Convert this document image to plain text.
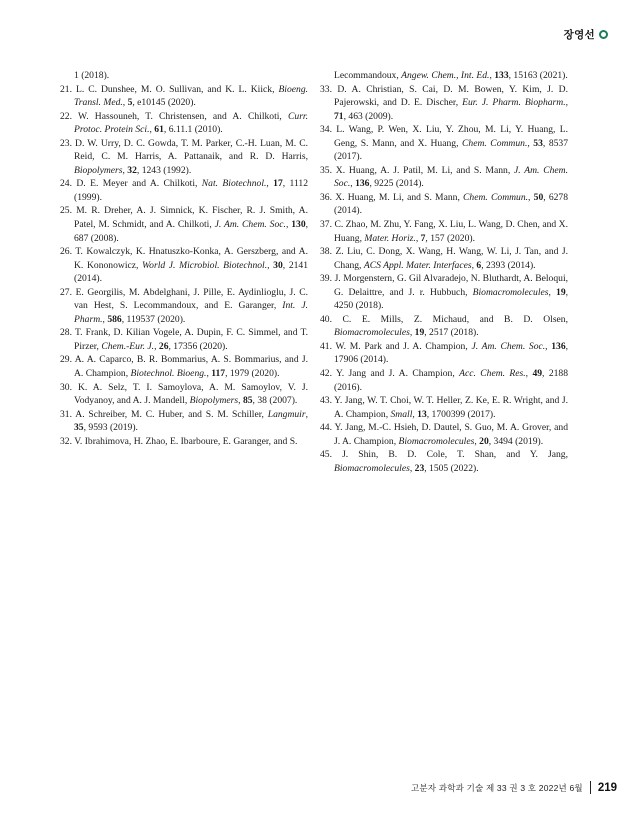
장영선

1 (2018).

21. L. C. Dunshee, M. O. Sullivan, and K. L. Kiick, Bioeng. Transl. Med., 5, e10145 (2020).

22. W. Hassouneh, T. Christensen, and A. Chilkoti, Curr. Protoc. Protein Sci., 61, 6.11.1 (2010).

23. D. W. Urry, D. C. Gowda, T. M. Parker, C.-H. Luan, M. C. Reid, C. M. Harris, A. Pattanaik, and R. D. Harris, Biopolymers, 32, 1243 (1992).

24. D. E. Meyer and A. Chilkoti, Nat. Biotechnol., 17, 1112 (1999).

25. M. R. Dreher, A. J. Simnick, K. Fischer, R. J. Smith, A. Patel, M. Schmidt, and A. Chilkoti, J. Am. Chem. Soc., 130, 687 (2008).

26. T. Kowalczyk, K. Hnatuszko-Konka, A. Gerszberg, and A. K. Kononowicz, World J. Microbiol. Biotechnol., 30, 2141 (2014).

27. E. Georgilis, M. Abdelghani, J. Pille, E. Aydinlioglu, J. C. van Hest, S. Lecommandoux, and E. Garanger, Int. J. Pharm., 586, 119537 (2020).

28. T. Frank, D. Kilian Vogele, A. Dupin, F. C. Simmel, and T. Pirzer, Chem.-Eur. J., 26, 17356 (2020).

29. A. A. Caparco, B. R. Bommarius, A. S. Bommarius, and J. A. Champion, Biotechnol. Bioeng., 117, 1979 (2020).

30. K. A. Selz, T. I. Samoylova, A. M. Samoylov, V. J. Vodyanoy, and A. J. Mandell, Biopolymers, 85, 38 (2007).

31. A. Schreiber, M. C. Huber, and S. M. Schiller, Langmuir, 35, 9593 (2019).

32. V. Ibrahimova, H. Zhao, E. Ibarboure, E. Garanger, and S.

Lecommandoux, Angew. Chem., Int. Ed., 133, 15163 (2021).

33. D. A. Christian, S. Cai, D. M. Bowen, Y. Kim, J. D. Pajerowski, and D. E. Discher, Eur. J. Pharm. Biopharm., 71, 463 (2009).

34. L. Wang, P. Wen, X. Liu, Y. Zhou, M. Li, Y. Huang, L. Geng, S. Mann, and X. Huang, Chem. Commun., 53, 8537 (2017).

35. X. Huang, A. J. Patil, M. Li, and S. Mann, J. Am. Chem. Soc., 136, 9225 (2014).

36. X. Huang, M. Li, and S. Mann, Chem. Commun., 50, 6278 (2014).

37. C. Zhao, M. Zhu, Y. Fang, X. Liu, L. Wang, D. Chen, and X. Huang, Mater. Horiz., 7, 157 (2020).

38. Z. Liu, C. Dong, X. Wang, H. Wang, W. Li, J. Tan, and J. Chang, ACS Appl. Mater. Interfaces, 6, 2393 (2014).

39. J. Morgenstern, G. Gil Alvaradejo, N. Bluthardt, A. Beloqui, G. Delaittre, and J. r. Hubbuch, Biomacromolecules, 19, 4250 (2018).

40. C. E. Mills, Z. Michaud, and B. D. Olsen, Biomacromolecules, 19, 2517 (2018).

41. W. M. Park and J. A. Champion, J. Am. Chem. Soc., 136, 17906 (2014).

42. Y. Jang and J. A. Champion, Acc. Chem. Res., 49, 2188 (2016).

43. Y. Jang, W. T. Choi, W. T. Heller, Z. Ke, E. R. Wright, and J. A. Champion, Small, 13, 1700399 (2017).

44. Y. Jang, M.-C. Hsieh, D. Dautel, S. Guo, M. A. Grover, and J. A. Champion, Biomacromolecules, 20, 3494 (2019).

45. J. Shin, B. D. Cole, T. Shan, and Y. Jang, Biomacromolecules, 23, 1505 (2022).

고분자 과학과 기술 제 33 권 3 호 2022년 6월 219
